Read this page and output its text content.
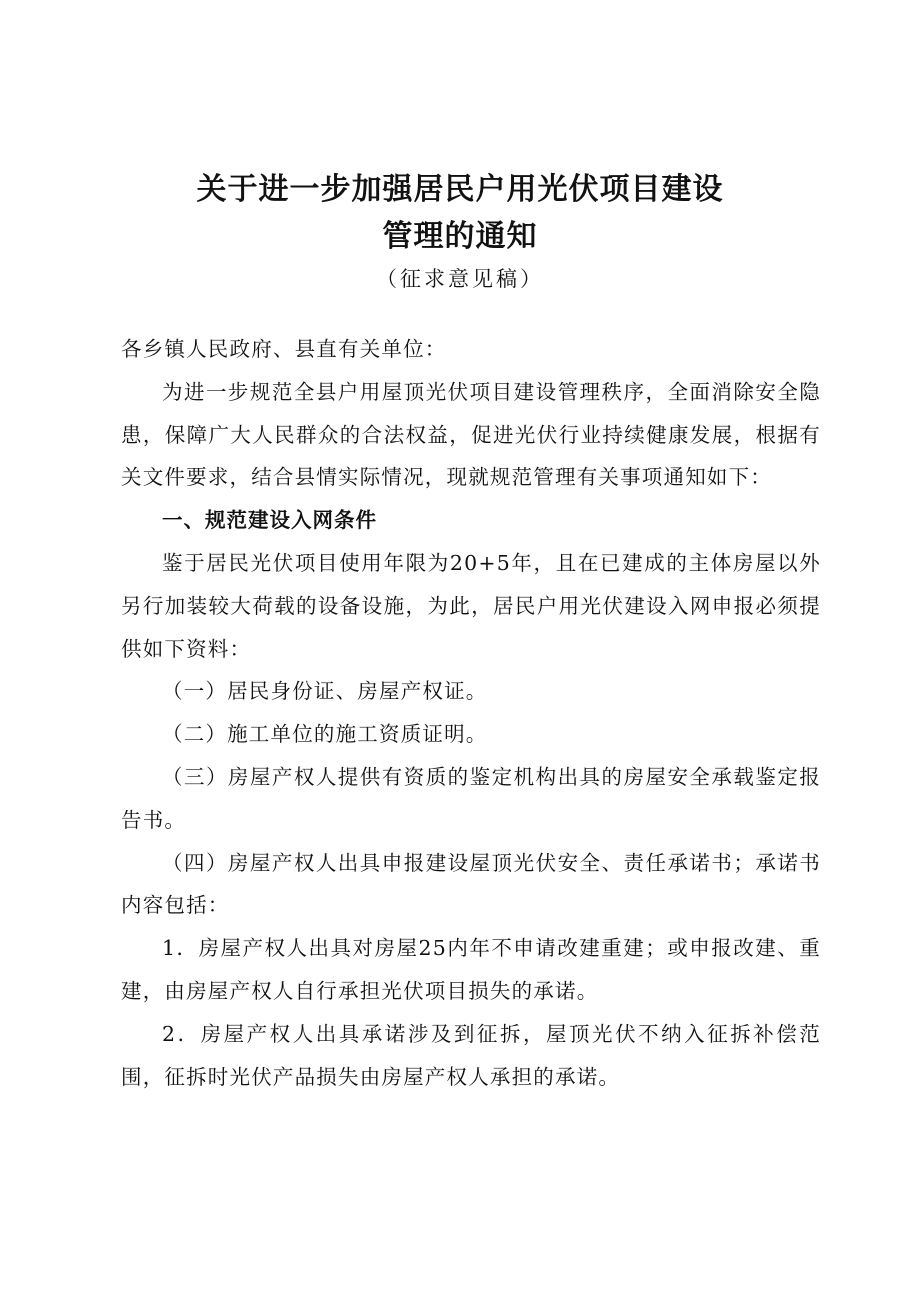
关于进一步加强居民户用光伏项目建设
管理的通知
（征求意见稿）

各乡镇人民政府、县直有关单位：

为进一步规范全县户用屋顶光伏项目建设管理秩序，全面消除安全隐患，保障广大人民群众的合法权益，促进光伏行业持续健康发展，根据有关文件要求，结合县情实际情况，现就规范管理有关事项通知如下：

一、规范建设入网条件

鉴于居民光伏项目使用年限为20+5年，且在已建成的主体房屋以外另行加装较大荷载的设备设施，为此，居民户用光伏建设入网申报必须提供如下资料：

（一）居民身份证、房屋产权证。

（二）施工单位的施工资质证明。

（三）房屋产权人提供有资质的鉴定机构出具的房屋安全承载鉴定报告书。

（四）房屋产权人出具申报建设屋顶光伏安全、责任承诺书；承诺书内容包括：

1．房屋产权人出具对房屋25内年不申请改建重建；或申报改建、重建，由房屋产权人自行承担光伏项目损失的承诺。

2．房屋产权人出具承诺涉及到征拆，屋顶光伏不纳入征拆补偿范围，征拆时光伏产品损失由房屋产权人承担的承诺。
